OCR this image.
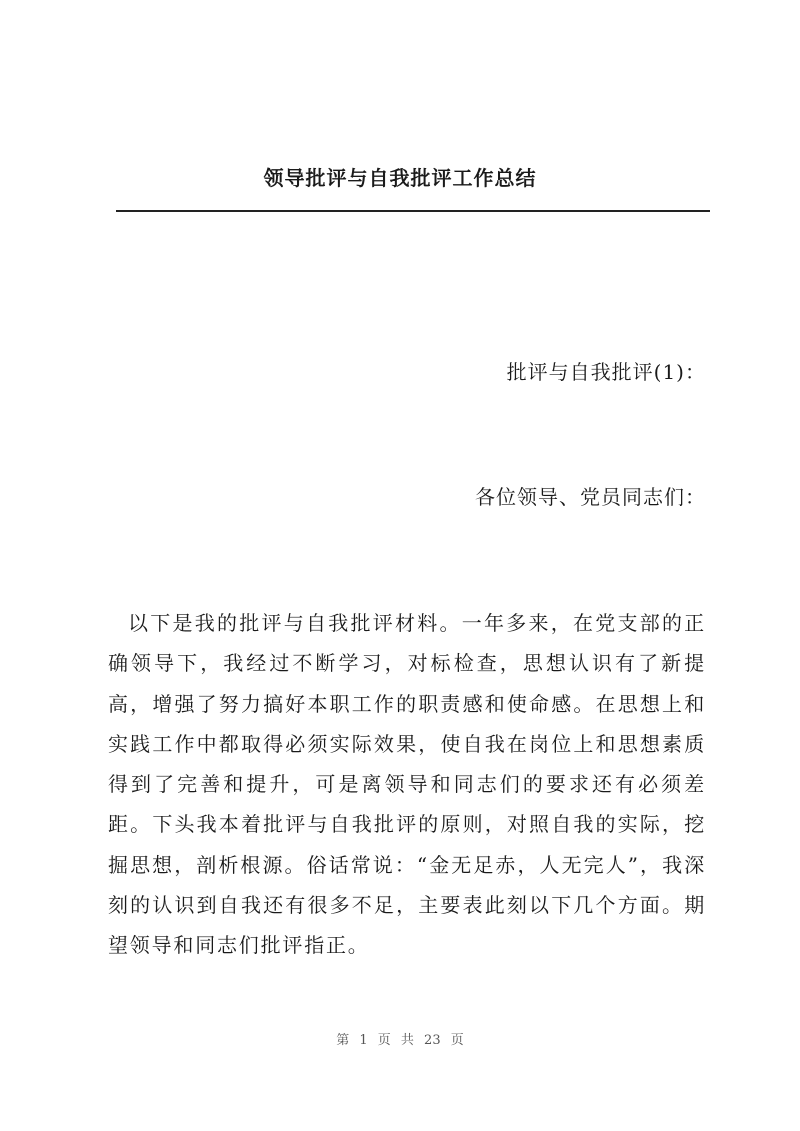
领导批评与自我批评工作总结
批评与自我批评(1)：
各位领导、党员同志们：

以下是我的批评与自我批评材料。一年多来，在党支部的正确领导下，我经过不断学习，对标检查，思想认识有了新提高，增强了努力搞好本职工作的职责感和使命感。在思想上和实践工作中都取得必须实际效果，使自我在岗位上和思想素质得到了完善和提升，可是离领导和同志们的要求还有必须差距。下头我本着批评与自我批评的原则，对照自我的实际，挖掘思想，剖析根源。俗话常说：“金无足赤，人无完人”，我深刻的认识到自我还有很多不足，主要表此刻以下几个方面。期望领导和同志们批评指正。

第 1 页 共 23 页
